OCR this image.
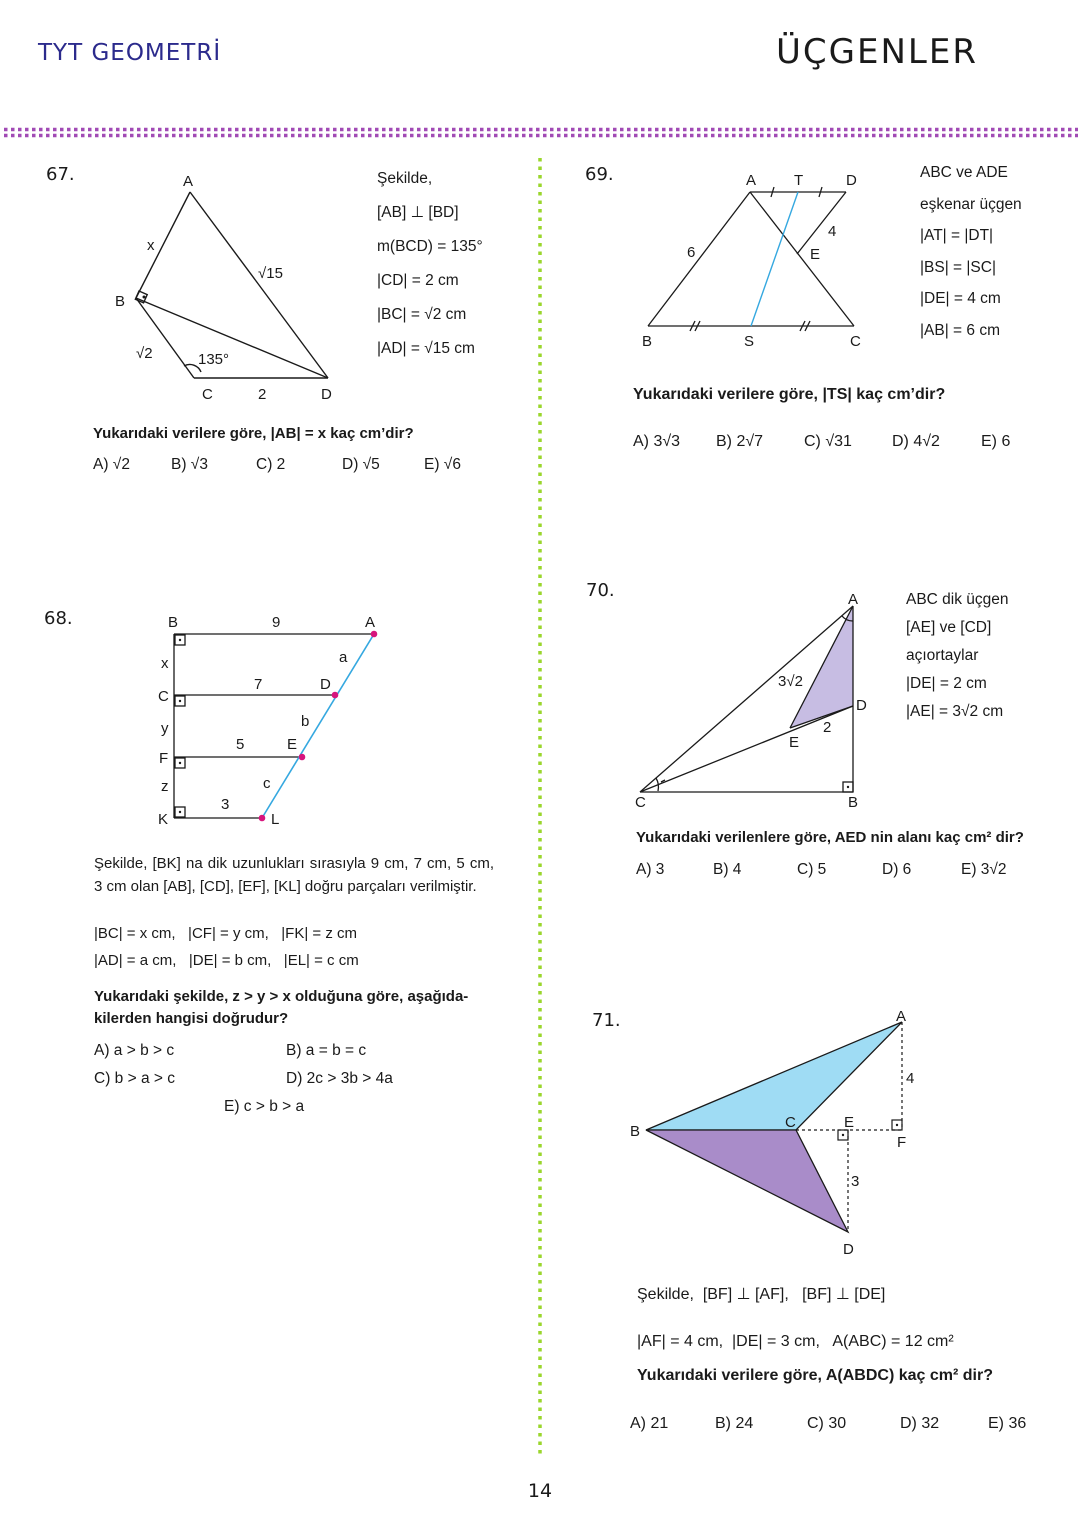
TYT GEOMETRİ	ÜÇGENLER
67.	A
x
√15
B
√2	135°
C	2	D
Şekilde,
[AB] ⊥ [BD]
m(BCD) = 135°
|CD| = 2 cm
|BC| = √2 cm
|AD| = √15 cm
Yukarıdaki verilere göre, |AB| = x kaç cm’dir?
A) √2	B) √3	C) 2	D) √5	E) √6
68.	B	9	A
x	a
C
7	D
b
y
5	E
F
c
z
3
K	L
Şekilde, [BK] na dik uzunlukları sırasıyla 9 cm, 7 cm, 5 cm, 3 cm olan [AB], [CD], [EF], [KL] doğru parçaları verilmiştir.
|BC| = x cm,   |CF| = y cm,   |FK| = z cm
|AD| = a cm,   |DE| = b cm,   |EL| = c cm
Yukarıdaki şekilde, z > y > x olduğuna göre, aşağıda-
kilerden hangisi doğrudur?
A) a > b > c	B) a = b = c
C) b > a > c	D) 2c > 3b > 4a
E) c > b > a
69.	A	T	D
4
6	E
B	S	C
ABC ve ADE
eşkenar üçgen
|AT| = |DT|
|BS| = |SC|
|DE| = 4 cm
|AB| = 6 cm
Yukarıdaki verilere göre, |TS| kaç cm’dir?
A) 3√3 B) 2√7	C) √31	D) 4√2	E) 6
70.	A
3√2
D
2
E
C	B
ABC dik üçgen
[AE] ve [CD]
açıortaylar
|DE| = 2 cm
|AE| = 3√2 cm
Yukarıdaki verilenlere göre, AED nin alanı kaç cm² dir?
A) 3	B) 4	C) 5	D) 6	E) 3√2
71.	A
4
C	E
B
F
3
D
Şekilde,  [BF] ⊥ [AF],   [BF] ⊥ [DE]
|AF| = 4 cm,  |DE| = 3 cm,   A(ABC) = 12 cm²
Yukarıdaki verilere göre, A(ABDC) kaç cm² dir?
A) 21	B) 24	C) 30	D) 32	E) 36
14
